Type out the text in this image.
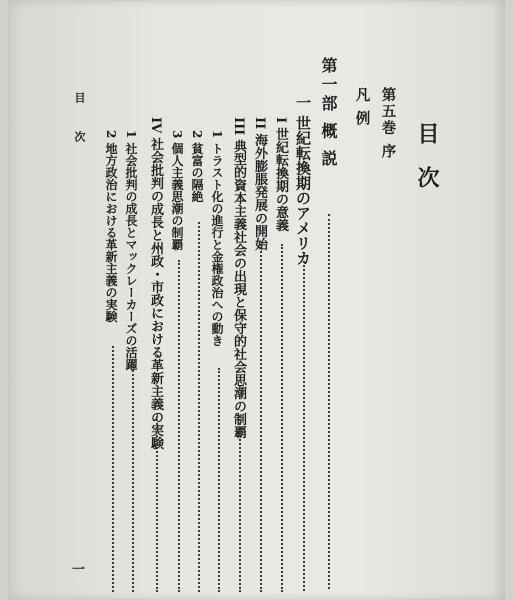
目
次	目次
第五巻 序
凡 例
第一部 概 説
一 世紀転換期のアメリカ
I 世紀転換期の意義
II 海外膨脹発展の開始
III 典型的資本主義社会の出現と保守的社会思潮の制覇
1 トラスト化の進行と金権政治への動き
2 貧富の隔絶
3 個人主義思潮の制覇
IV 社会批判の成長と州政・市政における革新主義の実験
1 社会批判の成長とマックレーカーズの活躍
2 地方政治における革新主義の実験
一
